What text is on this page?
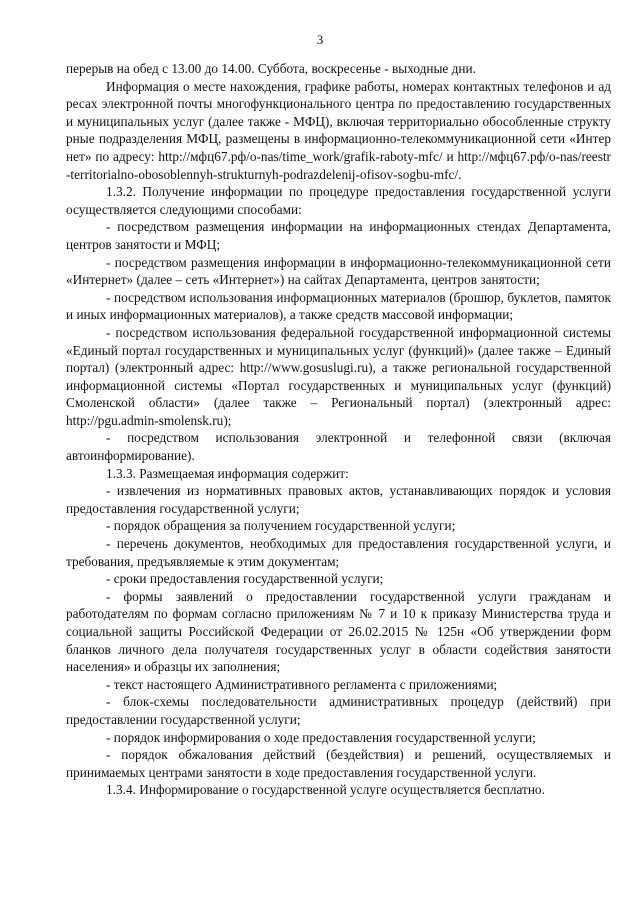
3

перерыв на обед с 13.00 до 14.00. Суббота, воскресенье - выходные дни.

Информация о месте нахождения, графике работы, номерах контактных телефонов и адресах электронной почты многофункционального центра по предоставлению государственных и муниципальных услуг (далее также - МФЦ), включая территориально обособленные структурные подразделения МФЦ, размещены в информационно-телекоммуникационной сети «Интернет» по адресу: http://мфц67.рф/o-nas/time_work/grafik-raboty-mfc/ и http://мфц67.рф/o-nas/reestr-territorialno-obosoblennyh-strukturnyh-podrazdelenij-ofisov-sogbu-mfc/.

1.3.2. Получение информации по процедуре предоставления государственной услуги осуществляется следующими способами:

- посредством размещения информации на информационных стендах Департамента, центров занятости и МФЦ;

- посредством размещения информации в информационно-телекоммуникационной сети «Интернет» (далее – сеть «Интернет») на сайтах Департамента, центров занятости;

- посредством использования информационных материалов (брошюр, буклетов, памяток и иных информационных материалов), а также средств массовой информации;

- посредством использования федеральной государственной информационной системы «Единый портал государственных и муниципальных услуг (функций)» (далее также – Единый портал) (электронный адрес: http://www.gosuslugi.ru), а также региональной государственной информационной системы «Портал государственных и муниципальных услуг (функций) Смоленской области» (далее также – Региональный портал) (электронный адрес: http://pgu.admin-smolensk.ru);

- посредством использования электронной и телефонной связи (включая автоинформирование).

1.3.3. Размещаемая информация содержит:

- извлечения из нормативных правовых актов, устанавливающих порядок и условия предоставления государственной услуги;

- порядок обращения за получением государственной услуги;

- перечень документов, необходимых для предоставления государственной услуги, и требования, предъявляемые к этим документам;

- сроки предоставления государственной услуги;

- формы заявлений о предоставлении государственной услуги гражданам и работодателям по формам согласно приложениям № 7 и 10 к приказу Министерства труда и социальной защиты Российской Федерации от 26.02.2015 № 125н «Об утверждении форм бланков личного дела получателя государственных услуг в области содействия занятости населения» и образцы их заполнения;

- текст настоящего Административного регламента с приложениями;

- блок-схемы последовательности административных процедур (действий) при предоставлении государственной услуги;

- порядок информирования о ходе предоставления государственной услуги;

- порядок обжалования действий (бездействия) и решений, осуществляемых и принимаемых центрами занятости в ходе предоставления государственной услуги.

1.3.4. Информирование о государственной услуге осуществляется бесплатно.
